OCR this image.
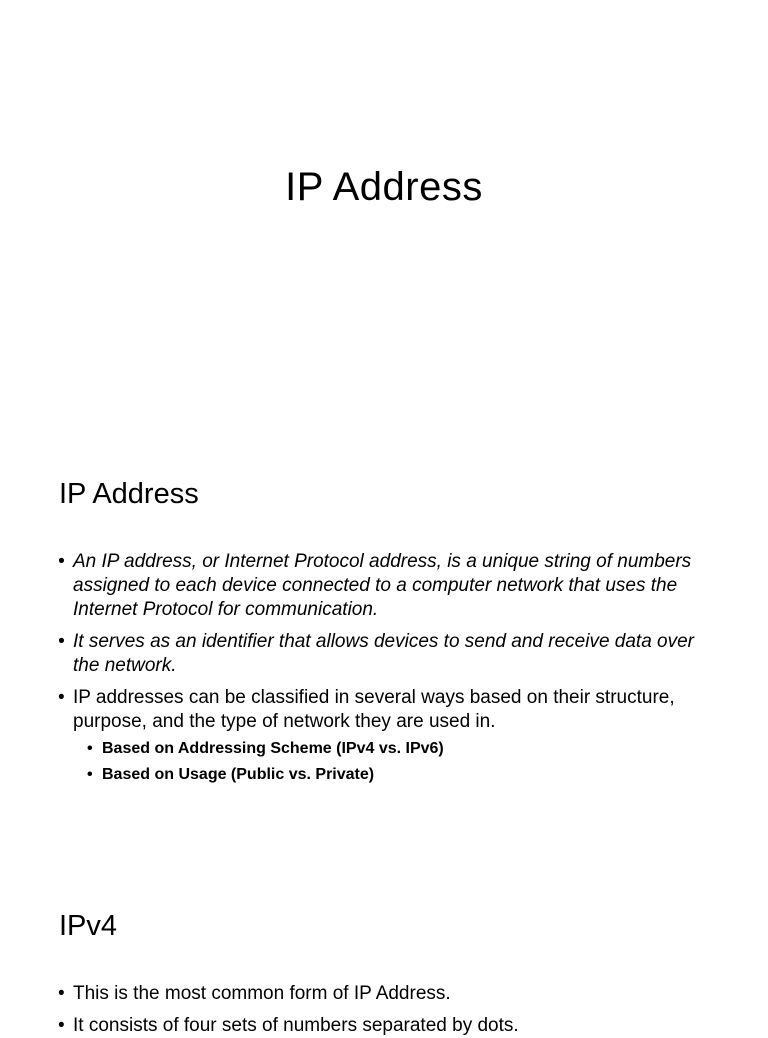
IP Address
IP Address
• An IP address, or Internet Protocol address, is a unique string of numbers assigned to each device connected to a computer network that uses the Internet Protocol for communication.
• It serves as an identifier that allows devices to send and receive data over the network.
• IP addresses can be classified in several ways based on their structure, purpose, and the type of network they are used in.
• Based on Addressing Scheme (IPv4 vs. IPv6)
• Based on Usage (Public vs. Private)
IPv4
• This is the most common form of IP Address.
• It consists of four sets of numbers separated by dots.
